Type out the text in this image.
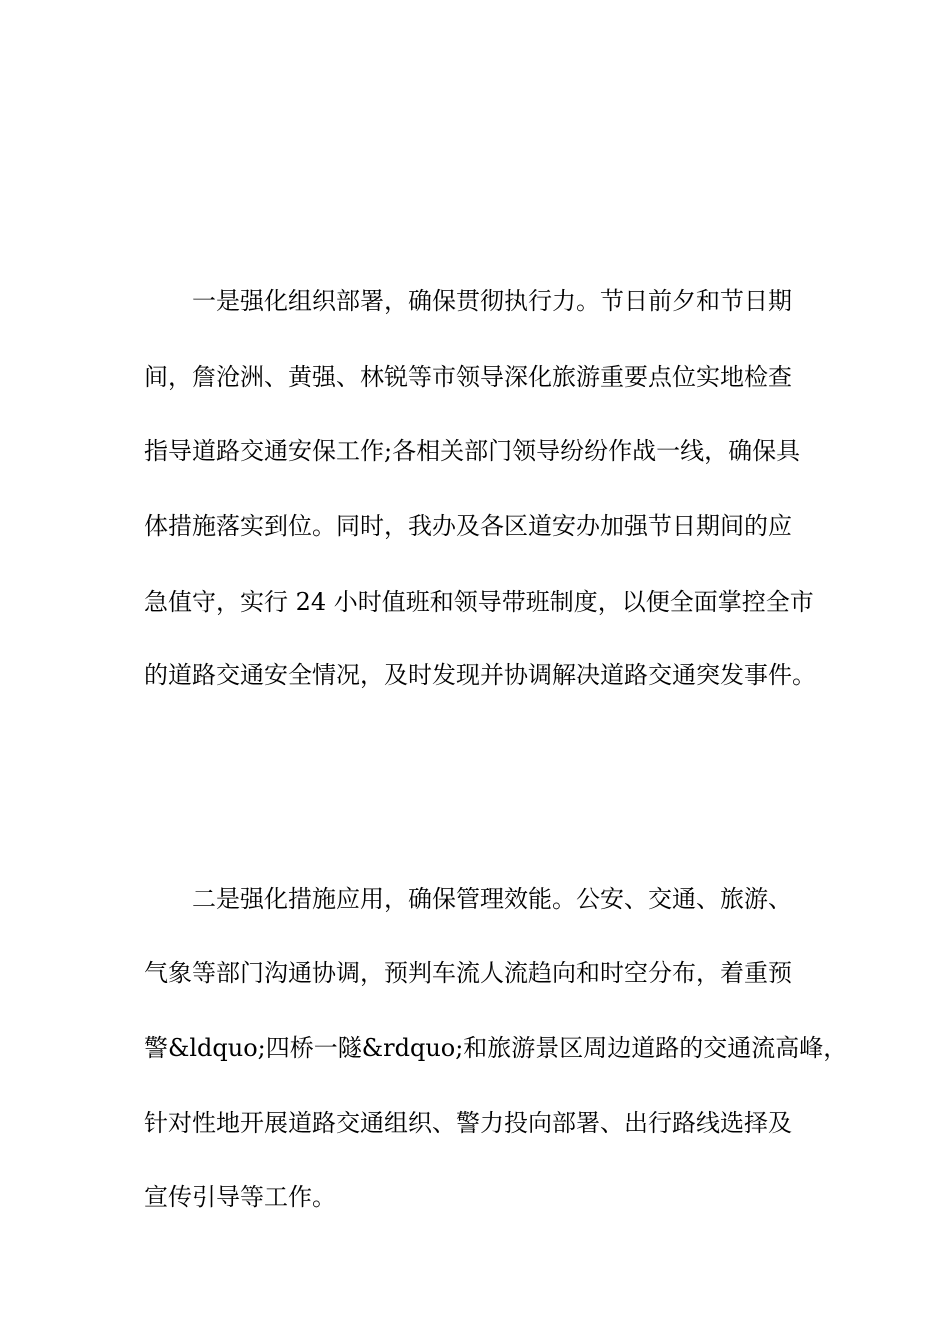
一是强化组织部署，确保贯彻执行力。节日前夕和节日期
间，詹沧洲、黄强、林锐等市领导深化旅游重要点位实地检查
指导道路交通安保工作;各相关部门领导纷纷作战一线，确保具
体措施落实到位。同时，我办及各区道安办加强节日期间的应
急值守，实行 24 小时值班和领导带班制度，以便全面掌控全市
的道路交通安全情况，及时发现并协调解决道路交通突发事件。
二是强化措施应用，确保管理效能。公安、交通、旅游、
气象等部门沟通协调，预判车流人流趋向和时空分布，着重预
警&ldquo;四桥一隧&rdquo;和旅游景区周边道路的交通流高峰，
针对性地开展道路交通组织、警力投向部署、出行路线选择及
宣传引导等工作。
